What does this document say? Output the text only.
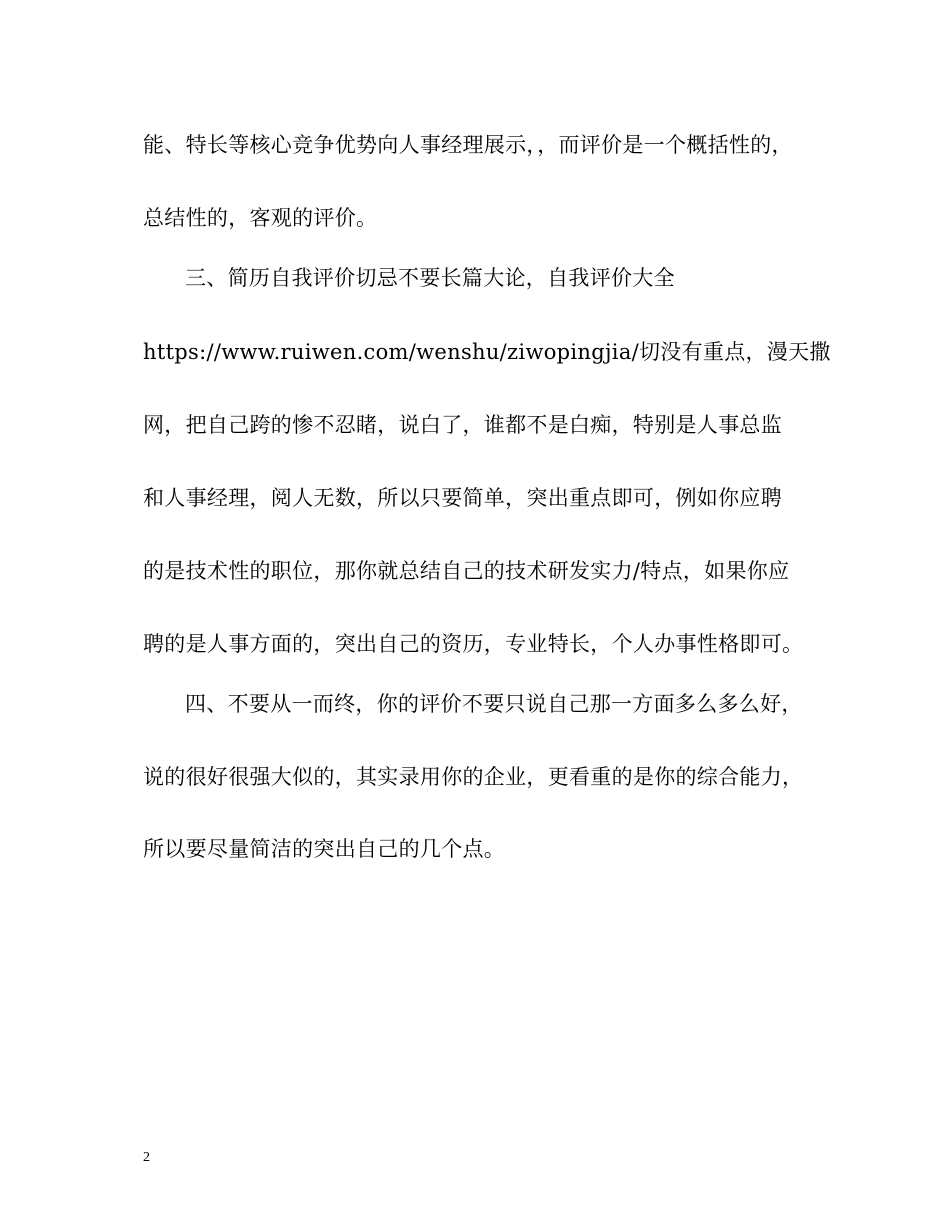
能、特长等核心竞争优势向人事经理展示，，而评价是一个概括性的，
总结性的，客观的评价。
三、简历自我评价切忌不要长篇大论，自我评价大全
https://www.ruiwen.com/wenshu/ziwopingjia/切没有重点，漫天撒
网，把自己跨的惨不忍睹，说白了，谁都不是白痴，特别是人事总监
和人事经理，阅人无数，所以只要简单，突出重点即可，例如你应聘
的是技术性的职位，那你就总结自己的技术研发实力/特点，如果你应
聘的是人事方面的，突出自己的资历，专业特长，个人办事性格即可。
四、不要从一而终，你的评价不要只说自己那一方面多么多么好，
说的很好很强大似的，其实录用你的企业，更看重的是你的综合能力，
所以要尽量简洁的突出自己的几个点。
2
